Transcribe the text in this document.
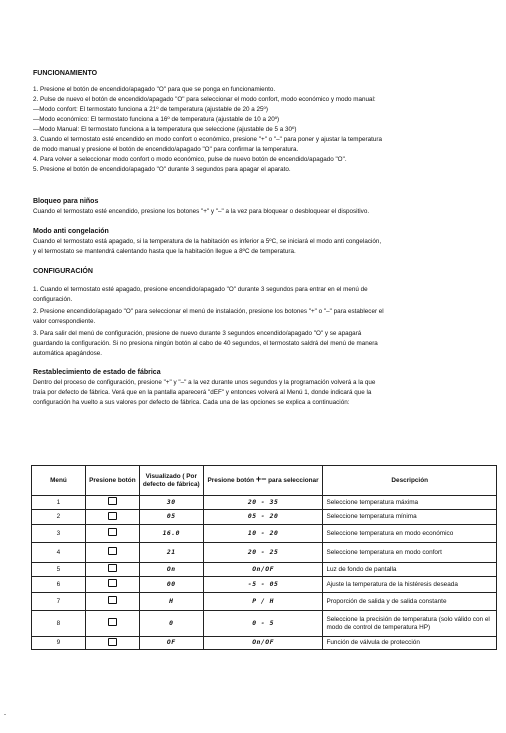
FUNCIONAMIENTO
1. Presione el botón de encendido/apagado "O" para que se ponga en funcionamiento.
2. Pulse de nuevo el botón de encendido/apagado "O" para seleccionar el modo confort, modo económico y modo manual:
—Modo confort: El termostato funciona a 21º de temperatura (ajustable de 20 a 25º)
—Modo económico: El termostato funciona a 16º de temperatura (ajustable de 10 a 20º)
—Modo Manual: El termostato funciona a la temperatura que seleccione (ajustable de 5 a 30º)
3. Cuando el termostato esté encendido en modo confort o económico, presione "+" o "–" para poner y ajustar la temperatura
de modo manual y presione el botón de encendido/apagado "O" para confirmar la temperatura.
4. Para volver a seleccionar modo confort o modo económico, pulse de nuevo botón de encendido/apagado "O".
5. Presione el botón de encendido/apagado "O" durante 3 segundos para apagar el aparato.
Bloqueo para niños
Cuando el termostato esté encendido, presione los botones "+" y "–" a la vez para bloquear o desbloquear el dispositivo.
Modo anti congelación
Cuando el termostato está apagado, si la temperatura de la habitación es inferior a 5ºC, se iniciará el modo anti congelación,
y el termostato se mantendrá calentando hasta que la habitación llegue a 8ºC de temperatura.
CONFIGURACIÓN
1. Cuando el termostato esté apagado, presione encendido/apagado "O" durante 3 segundos para entrar en el menú de
configuración.
2. Presione encendido/apagado "O" para seleccionar el menú de instalación, presione los botones "+" o "–" para establecer el
valor correspondiente.
3. Para salir del menú de configuración, presione de nuevo durante 3 segundos encendido/apagado "O" y se apagará
guardando la configuración. Si no presiona ningún botón al cabo de 40 segundos, el termostato saldrá del menú de manera
automática apagándose.
Restablecimiento de estado de fábrica
Dentro del proceso de configuración, presione "+" y "–" a la vez durante unos segundos y la programación volverá a la que
traía por defecto de fábrica. Verá que en la pantalla aparecerá "dEF" y entonces volverá al Menú 1, donde indicará que la
configuración ha vuelto a sus valores por defecto de fábrica. Cada una de las opciones se explica a continuación:
Menú	Presione botón	Visualizado ( Por defecto de fábrica)	Presione botón +− para seleccionar	Descripción
1		30	20 - 35	Seleccione temperatura máxima
2		05	05 - 20	Seleccione temperatura mínima
3		16.0	10 - 20	Seleccione temperatura en modo económico
4		21	20 - 25	Seleccione temperatura en modo confort
5		On	On/OF	Luz de fondo de pantalla
6		00	-5 - 05	Ajuste la temperatura de la histéresis deseada
7		H	P / H	Proporción de salida y de salida constante
8		0	0 - 5	Seleccione la precisión de temperatura (solo válido con el modo de control de temperatura HP)
9		OF	On/OF	Función de válvula de protección
-
